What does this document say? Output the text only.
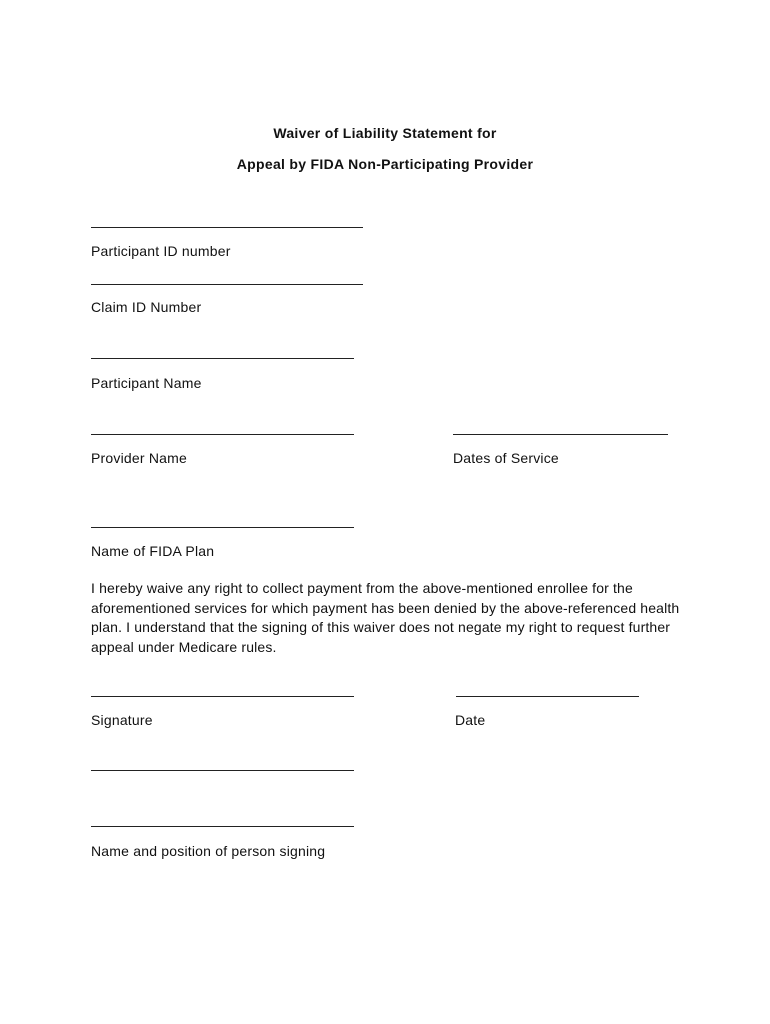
Waiver of Liability Statement for
Appeal by FIDA Non-Participating Provider
Participant ID number
Claim ID Number
Participant Name
Provider Name	Dates of Service
Name of FIDA Plan
I hereby waive any right to collect payment from the above-mentioned enrollee for the aforementioned services for which payment has been denied by the above-referenced health plan. I understand that the signing of this waiver does not negate my right to request further appeal under Medicare rules.
Signature	Date
Name and position of person signing
